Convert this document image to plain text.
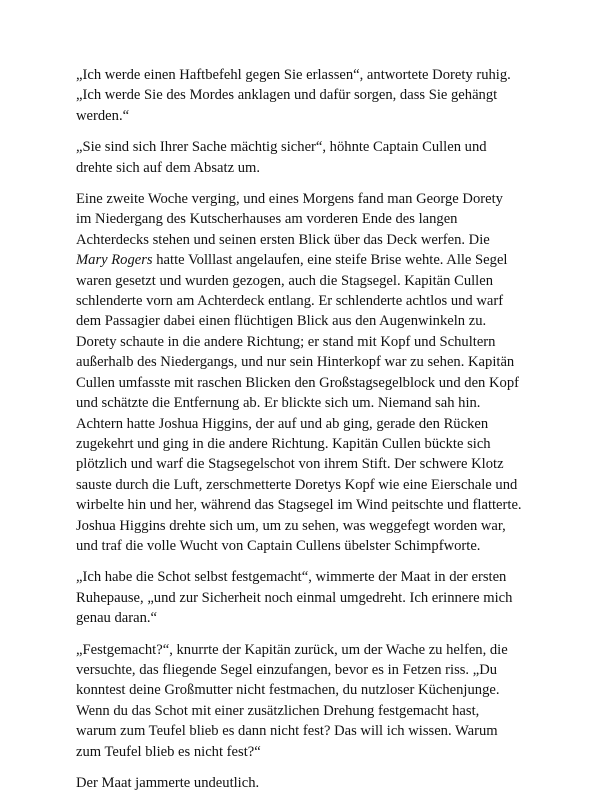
„Ich werde einen Haftbefehl gegen Sie erlassen“, antwortete Dorety ruhig.
„Ich werde Sie des Mordes anklagen und dafür sorgen, dass Sie gehängt
werden.“

„Sie sind sich Ihrer Sache mächtig sicher“, höhnte Captain Cullen und
drehte sich auf dem Absatz um.

Eine zweite Woche verging, und eines Morgens fand man George Dorety
im Niedergang des Kutscherhauses am vorderen Ende des langen
Achterdecks stehen und seinen ersten Blick über das Deck werfen. Die
Mary Rogers hatte Volllast angelaufen, eine steife Brise wehte. Alle Segel
waren gesetzt und wurden gezogen, auch die Stagsegel. Kapitän Cullen
schlenderte vorn am Achterdeck entlang. Er schlenderte achtlos und warf
dem Passagier dabei einen flüchtigen Blick aus den Augenwinkeln zu.
Dorety schaute in die andere Richtung; er stand mit Kopf und Schultern
außerhalb des Niedergangs, und nur sein Hinterkopf war zu sehen. Kapitän
Cullen umfasste mit raschen Blicken den Großstagsegelblock und den Kopf
und schätzte die Entfernung ab. Er blickte sich um. Niemand sah hin.
Achtern hatte Joshua Higgins, der auf und ab ging, gerade den Rücken
zugekehrt und ging in die andere Richtung. Kapitän Cullen bückte sich
plötzlich und warf die Stagsegelschot von ihrem Stift. Der schwere Klotz
sauste durch die Luft, zerschmetterte Doretys Kopf wie eine Eierschale und
wirbelte hin und her, während das Stagsegel im Wind peitschte und flatterte.
Joshua Higgins drehte sich um, um zu sehen, was weggefegt worden war,
und traf die volle Wucht von Captain Cullens übelster Schimpfworte.

„Ich habe die Schot selbst festgemacht“, wimmerte der Maat in der ersten
Ruhepause, „und zur Sicherheit noch einmal umgedreht. Ich erinnere mich
genau daran.“

„Festgemacht?“, knurrte der Kapitän zurück, um der Wache zu helfen, die
versuchte, das fliegende Segel einzufangen, bevor es in Fetzen riss. „Du
konntest deine Großmutter nicht festmachen, du nutzloser Küchenjunge.
Wenn du das Schot mit einer zusätzlichen Drehung festgemacht hast,
warum zum Teufel blieb es dann nicht fest? Das will ich wissen. Warum
zum Teufel blieb es nicht fest?“

Der Maat jammerte undeutlich.
